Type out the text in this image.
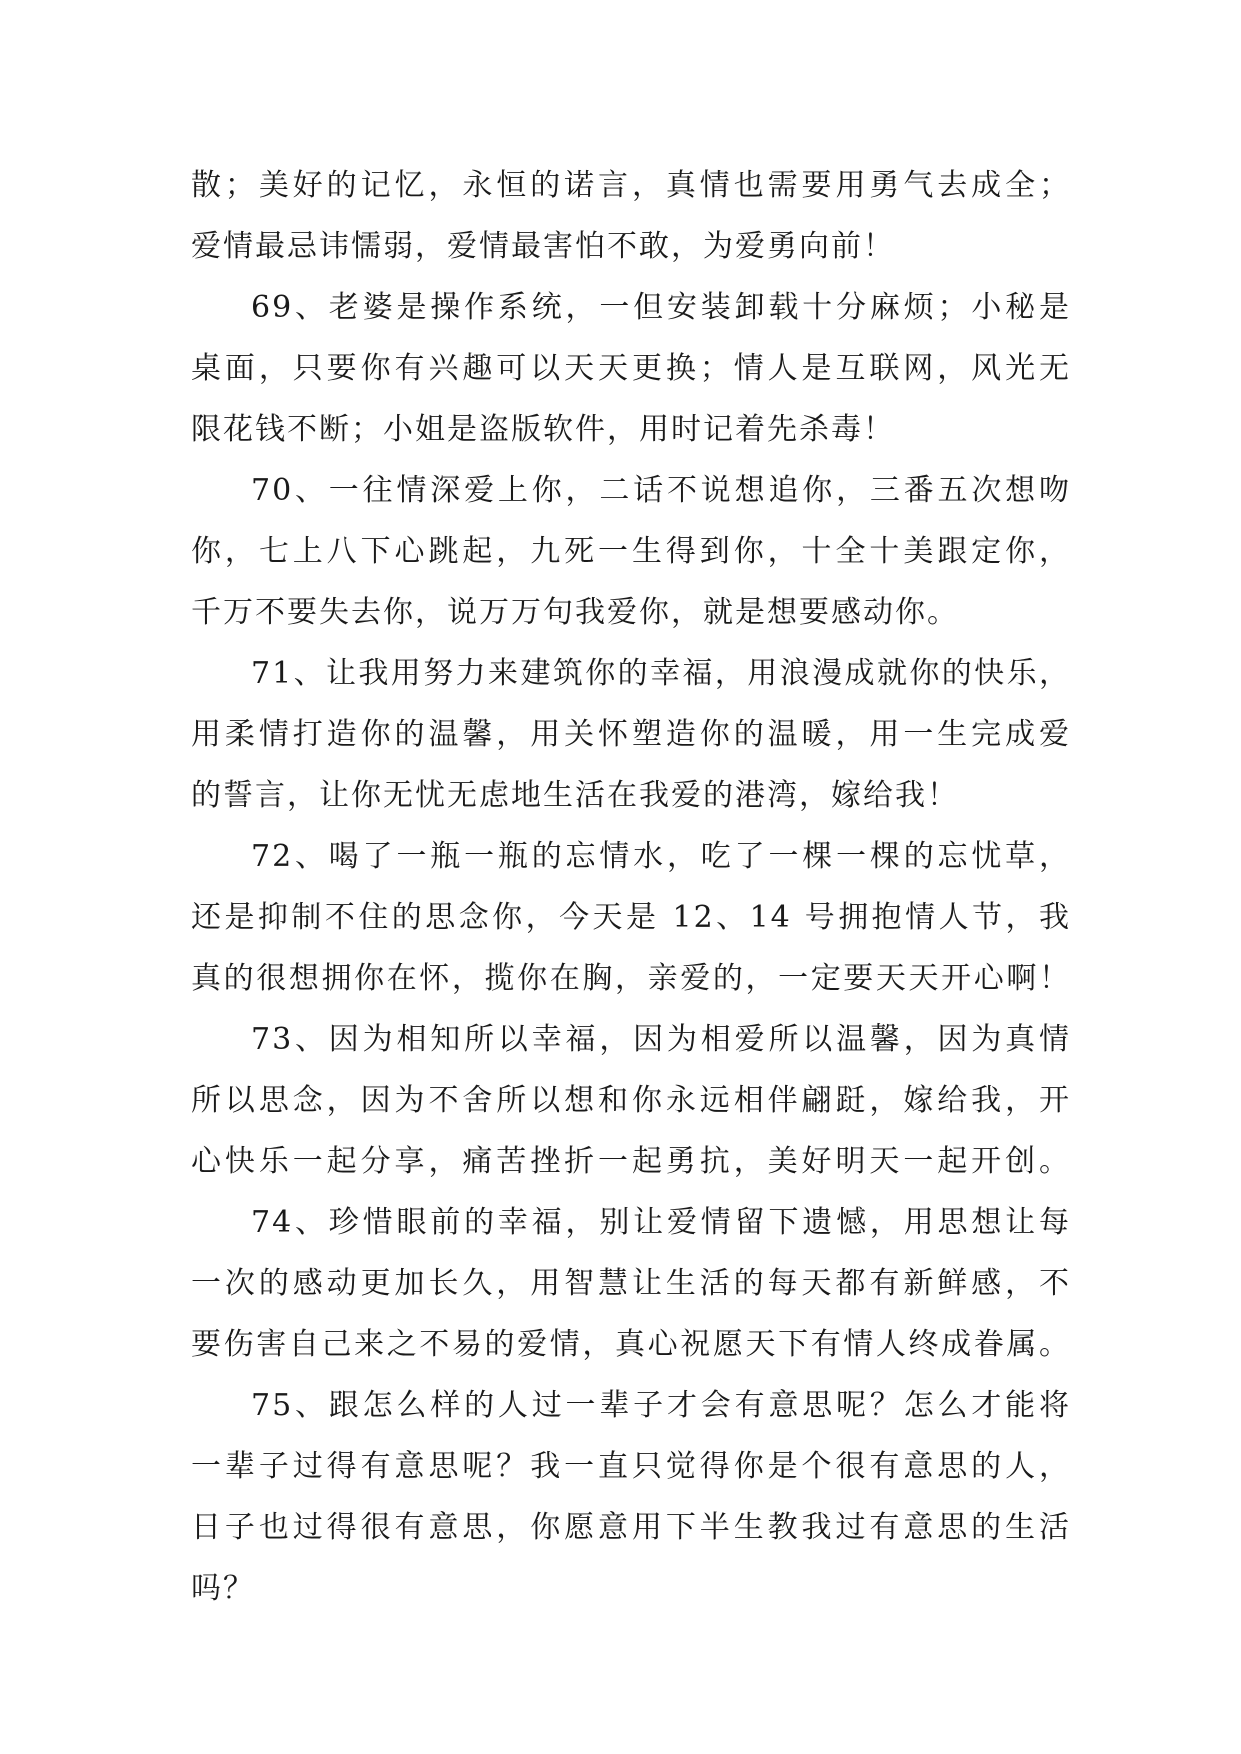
散；美好的记忆，永恒的诺言，真情也需要用勇气去成全；
爱情最忌讳懦弱，爱情最害怕不敢，为爱勇向前！
69、老婆是操作系统，一但安装卸载十分麻烦；小秘是
桌面，只要你有兴趣可以天天更换；情人是互联网，风光无
限花钱不断；小姐是盗版软件，用时记着先杀毒！
70、一往情深爱上你，二话不说想追你，三番五次想吻
你，七上八下心跳起，九死一生得到你，十全十美跟定你，
千万不要失去你，说万万句我爱你，就是想要感动你。
71、让我用努力来建筑你的幸福，用浪漫成就你的快乐，
用柔情打造你的温馨，用关怀塑造你的温暖，用一生完成爱
的誓言，让你无忧无虑地生活在我爱的港湾，嫁给我！
72、喝了一瓶一瓶的忘情水，吃了一棵一棵的忘忧草，
还是抑制不住的思念你，今天是 12、14 号拥抱情人节，我
真的很想拥你在怀，揽你在胸，亲爱的，一定要天天开心啊！
73、因为相知所以幸福，因为相爱所以温馨，因为真情
所以思念，因为不舍所以想和你永远相伴翩跹，嫁给我，开
心快乐一起分享，痛苦挫折一起勇抗，美好明天一起开创。
74、珍惜眼前的幸福，别让爱情留下遗憾，用思想让每
一次的感动更加长久，用智慧让生活的每天都有新鲜感，不
要伤害自己来之不易的爱情，真心祝愿天下有情人终成眷属。
75、跟怎么样的人过一辈子才会有意思呢？怎么才能将
一辈子过得有意思呢？我一直只觉得你是个很有意思的人，
日子也过得很有意思，你愿意用下半生教我过有意思的生活
吗？
